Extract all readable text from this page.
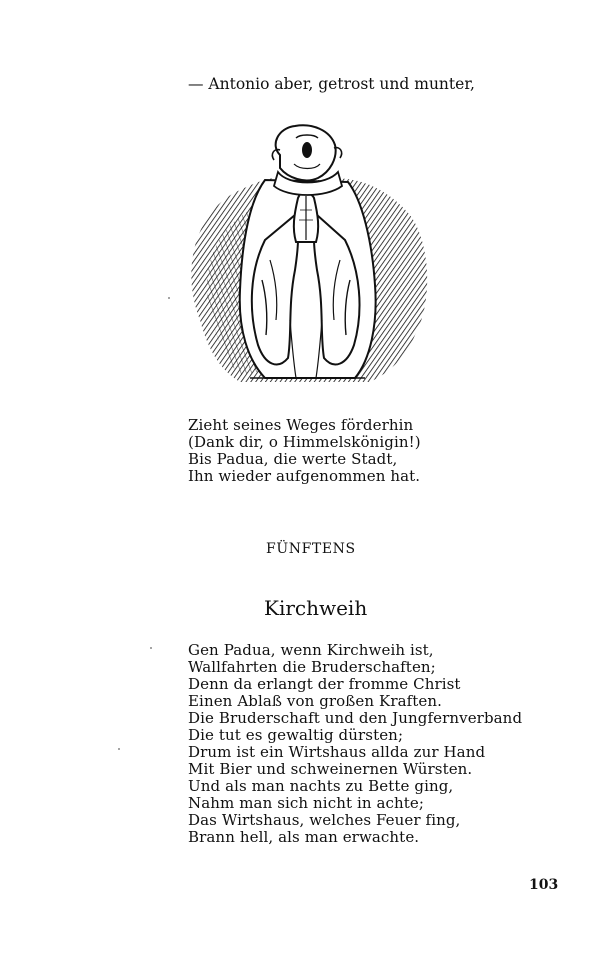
— Antonio aber, getrost und munter,
Zieht seines Weges förderhin
(Dank dir, o Himmelskönigin!)
Bis Padua, die werte Stadt,
Ihn wieder aufgenommen hat.
FÜNFTENS
Kirchweih
Gen Padua, wenn Kirchweih ist,
Wallfahrten die Bruderschaften;
Denn da erlangt der fromme Christ
Einen Ablaß von großen Kraften.
Die Bruderschaft und den Jungfernverband
Die tut es gewaltig dürsten;
Drum ist ein Wirtshaus allda zur Hand
Mit Bier und schweinernen Würsten.
Und als man nachts zu Bette ging,
Nahm man sich nicht in achte;
Das Wirtshaus, welches Feuer fing,
Brann hell, als man erwachte.
103
